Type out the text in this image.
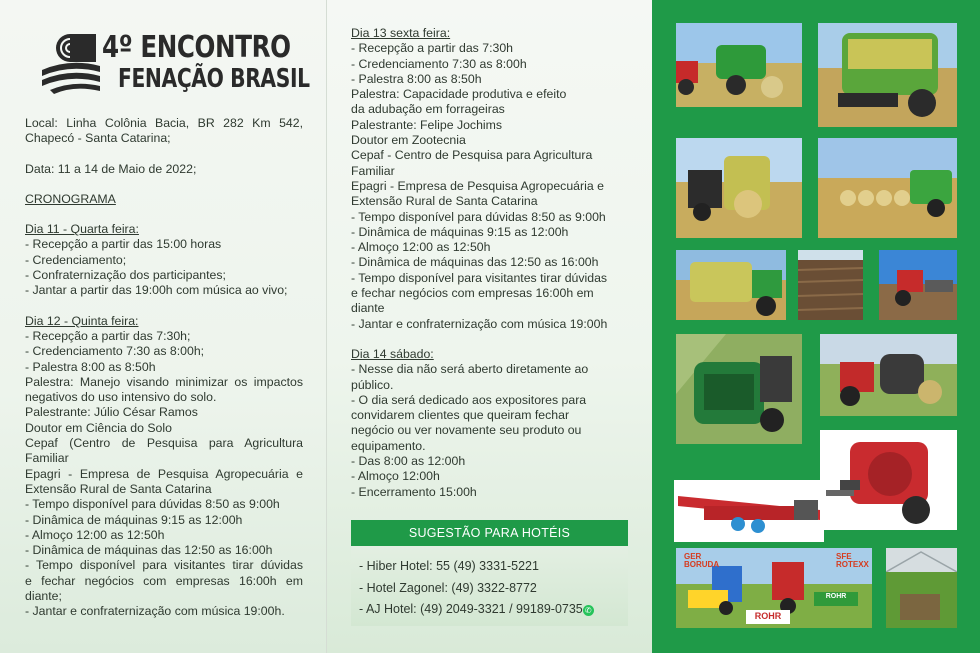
4º ENCONTRO
FENAÇÃO BRASIL
Local: Linha Colônia Bacia, BR 282 Km 542,
Chapecó - Santa Catarina;
Data: 11 a 14 de Maio de 2022;
CRONOGRAMA
Dia 11 - Quarta feira:
- Recepção a partir das 15:00 horas
- Credenciamento;
- Confraternização dos participantes;
- Jantar a partir das 19:00h com música ao vivo;
Dia 12 - Quinta feira:
- Recepção a partir das 7:30h;
- Credenciamento 7:30 as 8:00h;
- Palestra 8:00 as 8:50h
Palestra: Manejo visando minimizar os impactos
negativos do uso intensivo do solo.
Palestrante: Júlio César Ramos
Doutor em Ciência do Solo
Cepaf (Centro de Pesquisa para Agricultura
Familiar
Epagri - Empresa de Pesquisa Agropecuária e
Extensão Rural de Santa Catarina
- Tempo disponível para dúvidas 8:50 as 9:00h
- Dinâmica de máquinas 9:15 as 12:00h
- Almoço 12:00 as 12:50h
- Dinâmica de máquinas das 12:50 as 16:00h
- Tempo disponível para visitantes tirar dúvidas
e fechar negócios com empresas 16:00h em
diante;
- Jantar e confraternização com música 19:00h.
Dia 13 sexta feira:
- Recepção a partir das 7:30h
- Credenciamento 7:30 as 8:00h
- Palestra 8:00 as 8:50h
Palestra: Capacidade produtiva e efeito
da adubação em forrageiras
Palestrante: Felipe Jochims
Doutor em Zootecnia
Cepaf - Centro de Pesquisa para Agricultura
Familiar
Epagri - Empresa de Pesquisa Agropecuária e
Extensão Rural de Santa Catarina
- Tempo disponível para dúvidas 8:50 as 9:00h
- Dinâmica de máquinas 9:15 as 12:00h
- Almoço 12:00 as 12:50h
- Dinâmica de máquinas das 12:50 as 16:00h
- Tempo disponível para visitantes tirar dúvidas
e fechar negócios com empresas 16:00h em
diante
- Jantar e confraternização com música 19:00h
Dia 14 sábado:
- Nesse dia não será aberto diretamente ao
público.
- O dia será dedicado aos expositores para
convidarem clientes que queiram fechar
negócio ou ver novamente seu produto ou
equipamento.
- Das 8:00 as 12:00h
- Almoço 12:00h
- Encerramento 15:00h
SUGESTÃO PARA HOTÉIS
- Hiber Hotel: 55 (49) 3331-5221
- Hotel Zagonel: (49) 3322-8772
- AJ Hotel: (49) 2049-3321 / 99189-0735 ✆
ROHR
ROHR
GER
BORUDA
SFE
ROTEXX
